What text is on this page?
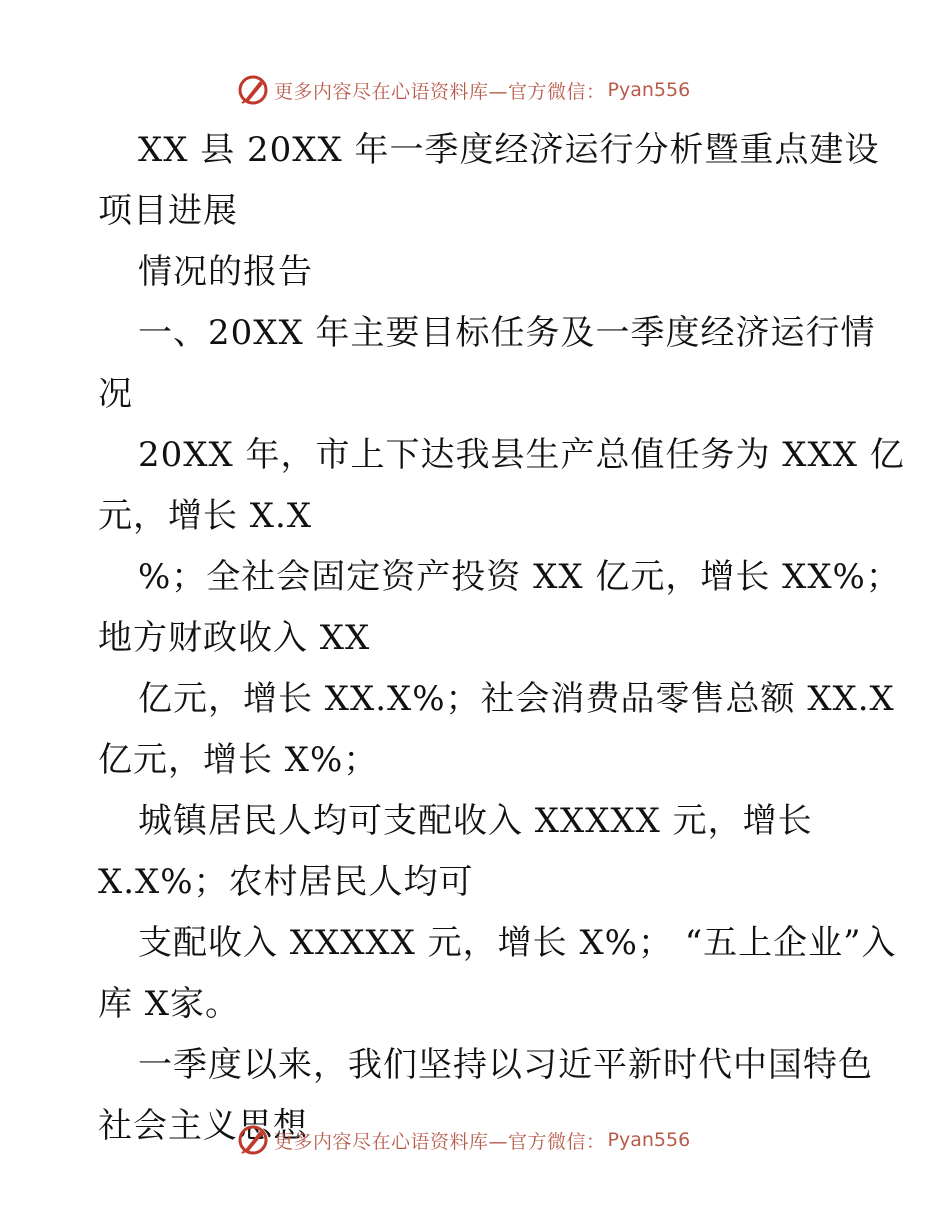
更多内容尽在心语资料库—官方微信： Pyan556
XX 县 20XX 年一季度经济运行分析暨重点建设
项目进展
情况的报告
一、20XX 年主要目标任务及一季度经济运行情
况
20XX 年，市上下达我县生产总值任务为 XXX 亿
元，增长 X.X
%；全社会固定资产投资 XX 亿元，增长 XX%；
地方财政收入 XX
亿元，增长 XX.X%；社会消费品零售总额 XX.X
亿元，增长 X%；
城镇居民人均可支配收入 XXXXX 元，增长
X.X%；农村居民人均可
支配收入 XXXXX 元，增长 X%； “五上企业”入
库 X家。
一季度以来，我们坚持以习近平新时代中国特色
社会主义思想
更多内容尽在心语资料库—官方微信： Pyan556
